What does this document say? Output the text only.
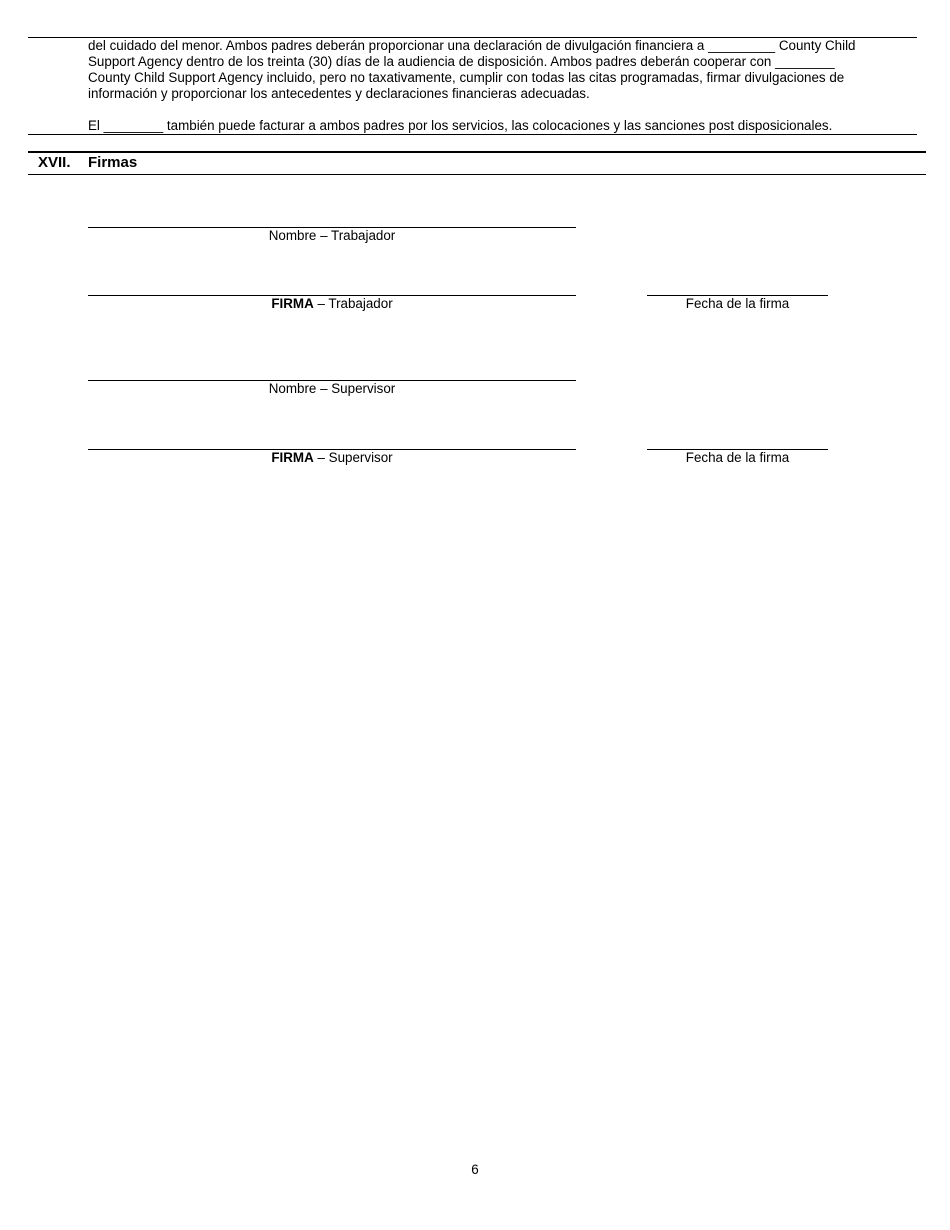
del cuidado del menor. Ambos padres deberán proporcionar una declaración de divulgación financiera a _________ County Child
Support Agency dentro de los treinta (30) días de la audiencia de disposición. Ambos padres deberán cooperar con ________
County Child Support Agency incluido, pero no taxativamente, cumplir con todas las citas programadas, firmar divulgaciones de
información y proporcionar los antecedentes y declaraciones financieras adecuadas.
El ________ también puede facturar a ambos padres por los servicios, las colocaciones y las sanciones post disposicionales.
XVII. Firmas
Nombre – Trabajador
FIRMA – Trabajador	Fecha de la firma
Nombre – Supervisor
FIRMA – Supervisor	Fecha de la firma
6
